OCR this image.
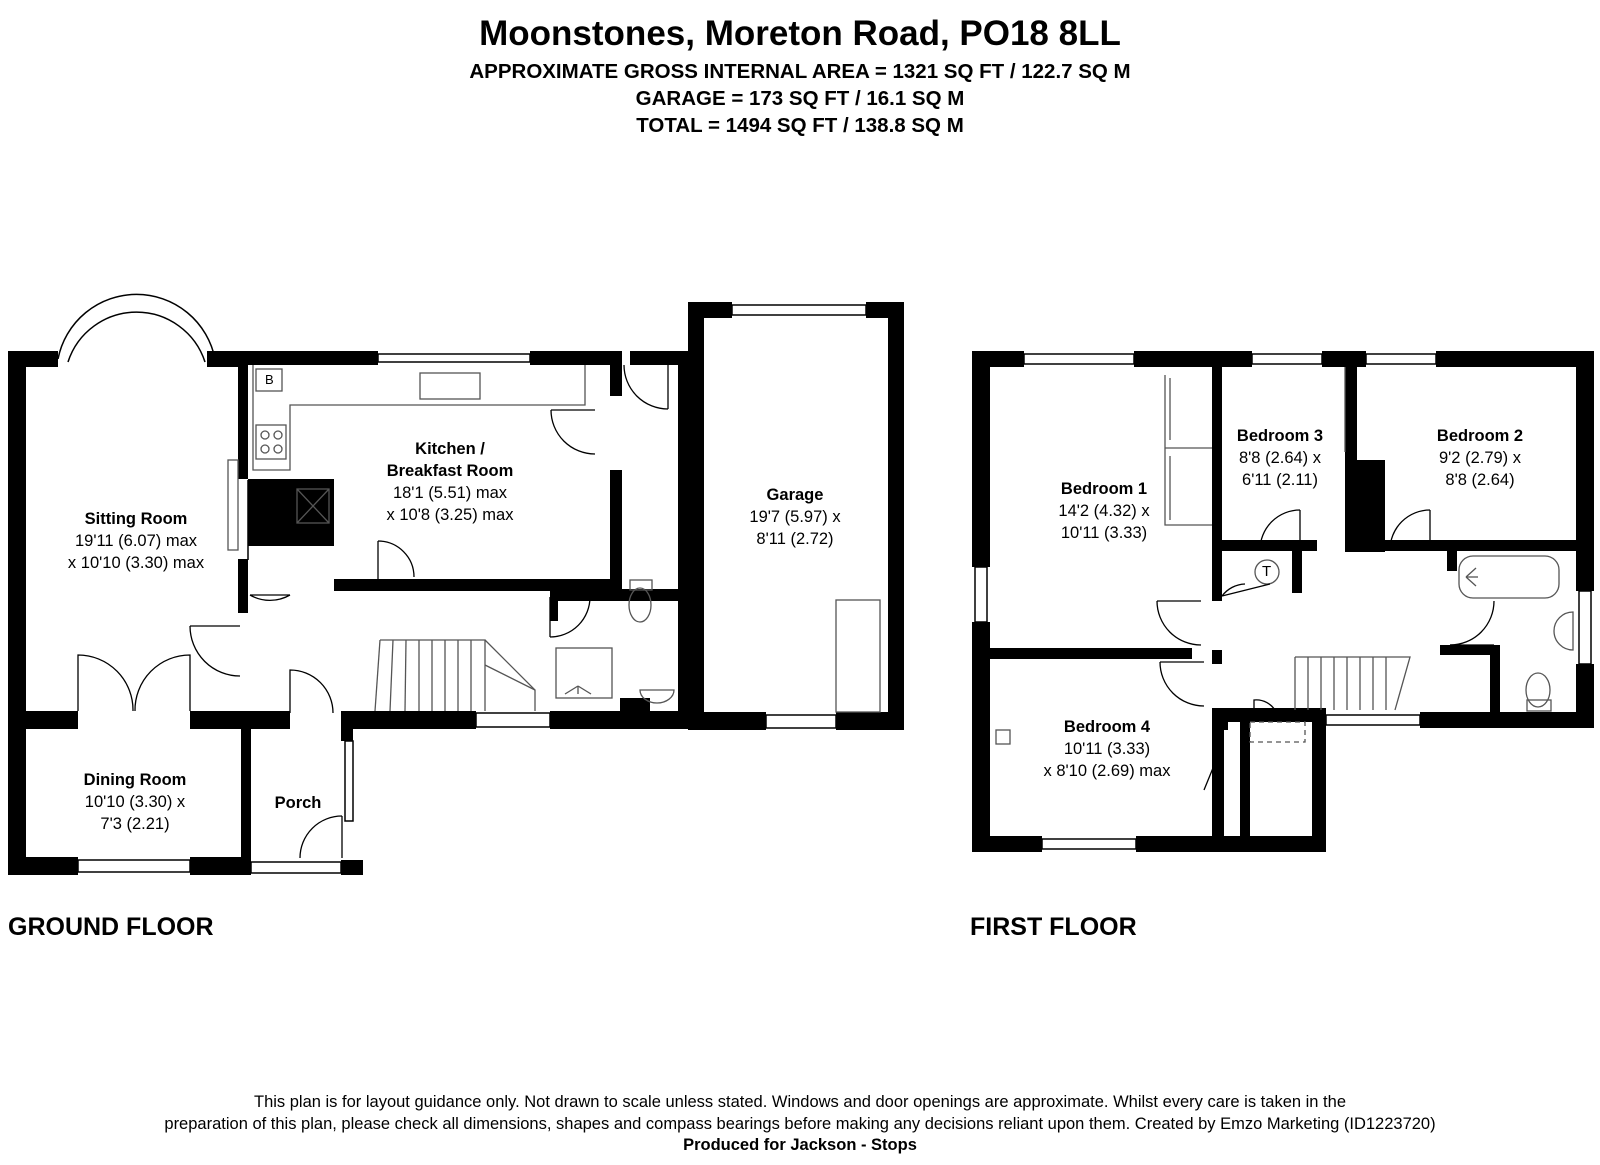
Moonstones, Moreton Road, PO18 8LL
APPROXIMATE GROSS INTERNAL AREA = 1321 SQ FT / 122.7 SQ M
GARAGE = 173 SQ FT / 16.1 SQ M
TOTAL = 1494 SQ FT / 138.8 SQ M
Sitting Room
19'11 (6.07) max
x 10'10 (3.30) max
Kitchen /
Breakfast Room
18'1 (5.51) max
x 10'8 (3.25) max
Garage
19'7 (5.97) x
8'11 (2.72)
Dining Room
10'10 (3.30) x
7'3 (2.21)
Porch
B
Bedroom 1
14'2 (4.32) x
10'11 (3.33)
Bedroom 3
8'8 (2.64) x
6'11 (2.11)
Bedroom 2
9'2 (2.79) x
8'8 (2.64)
Bedroom 4
10'11 (3.33)
x 8'10 (2.69) max
T
GROUND FLOOR	FIRST FLOOR
This plan is for layout guidance only. Not drawn to scale unless stated. Windows and door openings are approximate. Whilst every care is taken in the
preparation of this plan, please check all dimensions, shapes and compass bearings before making any decisions reliant upon them. Created by Emzo Marketing (ID1223720)
Produced for Jackson - Stops
